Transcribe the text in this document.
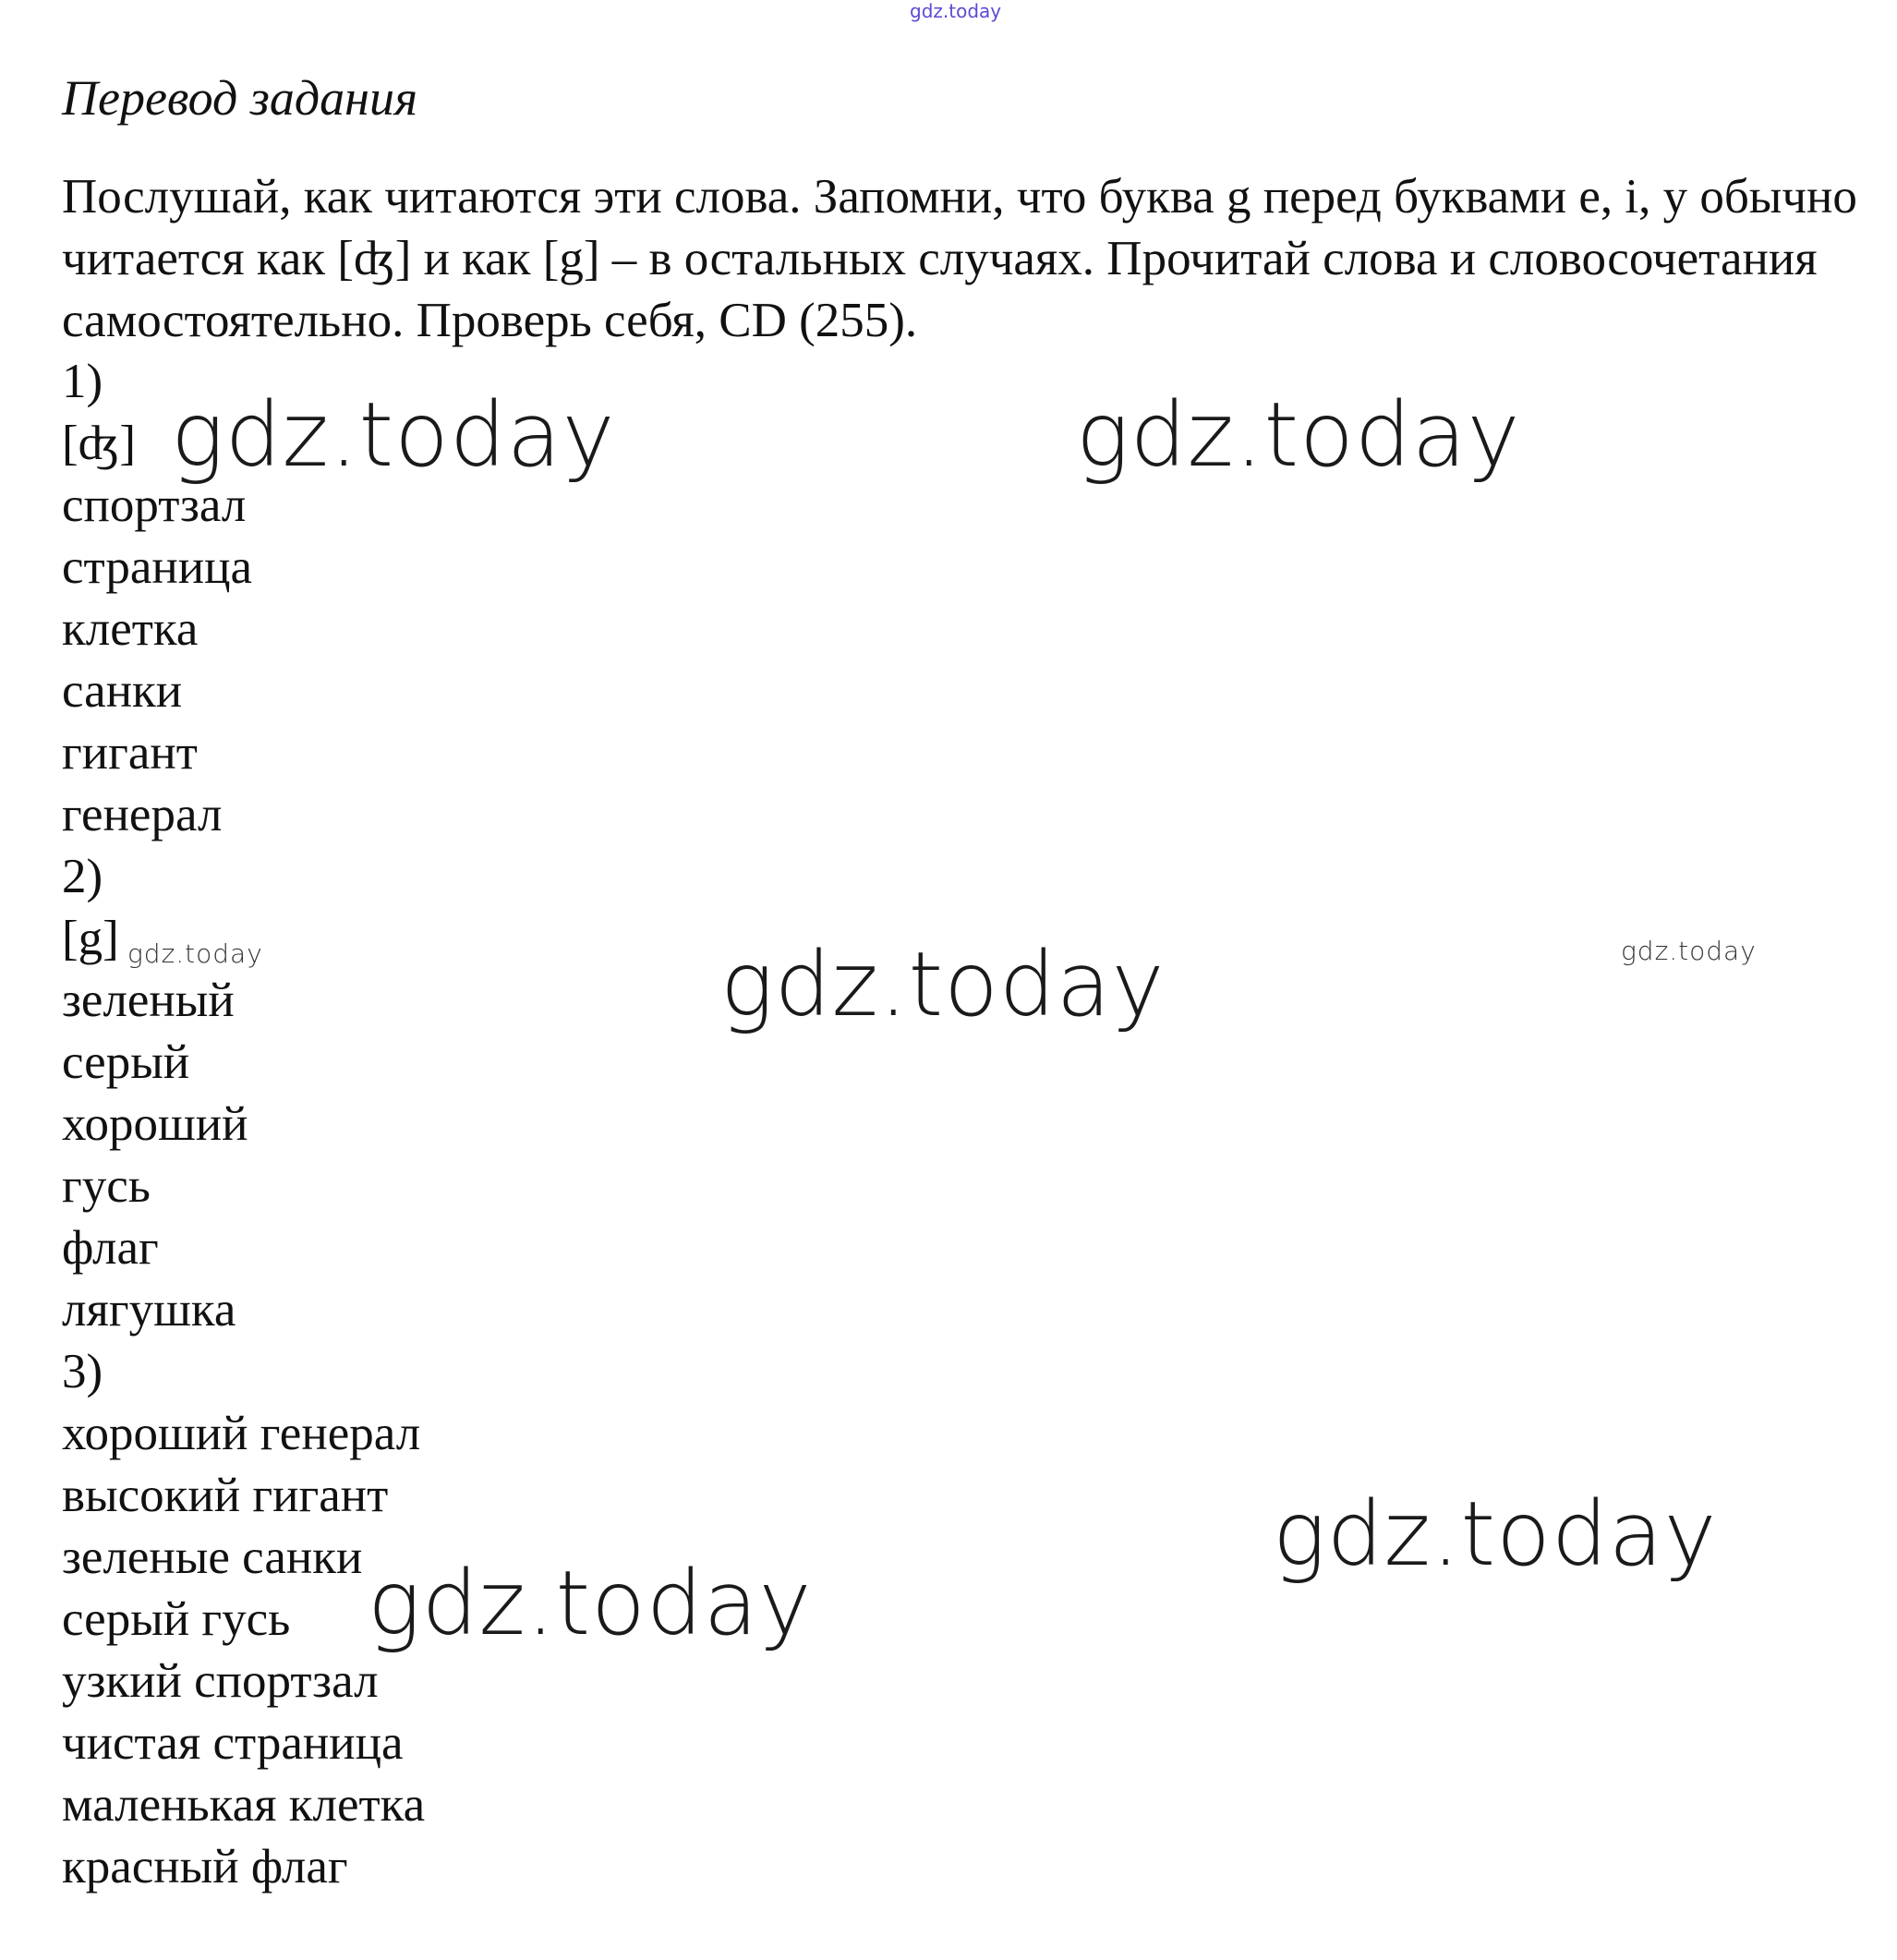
gdz.today
Перевод задания

Послушай, как читаются эти слова. Запомни, что буква g перед буквами e, i, y обычно читается как [ʤ] и как [g] – в остальных случаях. Прочитай слова и словосочетания самостоятельно. Проверь себя, CD (255).

1)
[ʤ]
спортзал
страница
клетка
санки
гигант
генерал
2)
[g]
зеленый
серый
хороший
гусь
флаг
лягушка
3)
хороший генерал
высокий гигант
зеленые санки
серый гусь
узкий спортзал
чистая страница
маленькая клетка
красный флаг
gdz.today	gdz.today
gdz.today	gdz.today	gdz.today
gdz.today
gdz.today
